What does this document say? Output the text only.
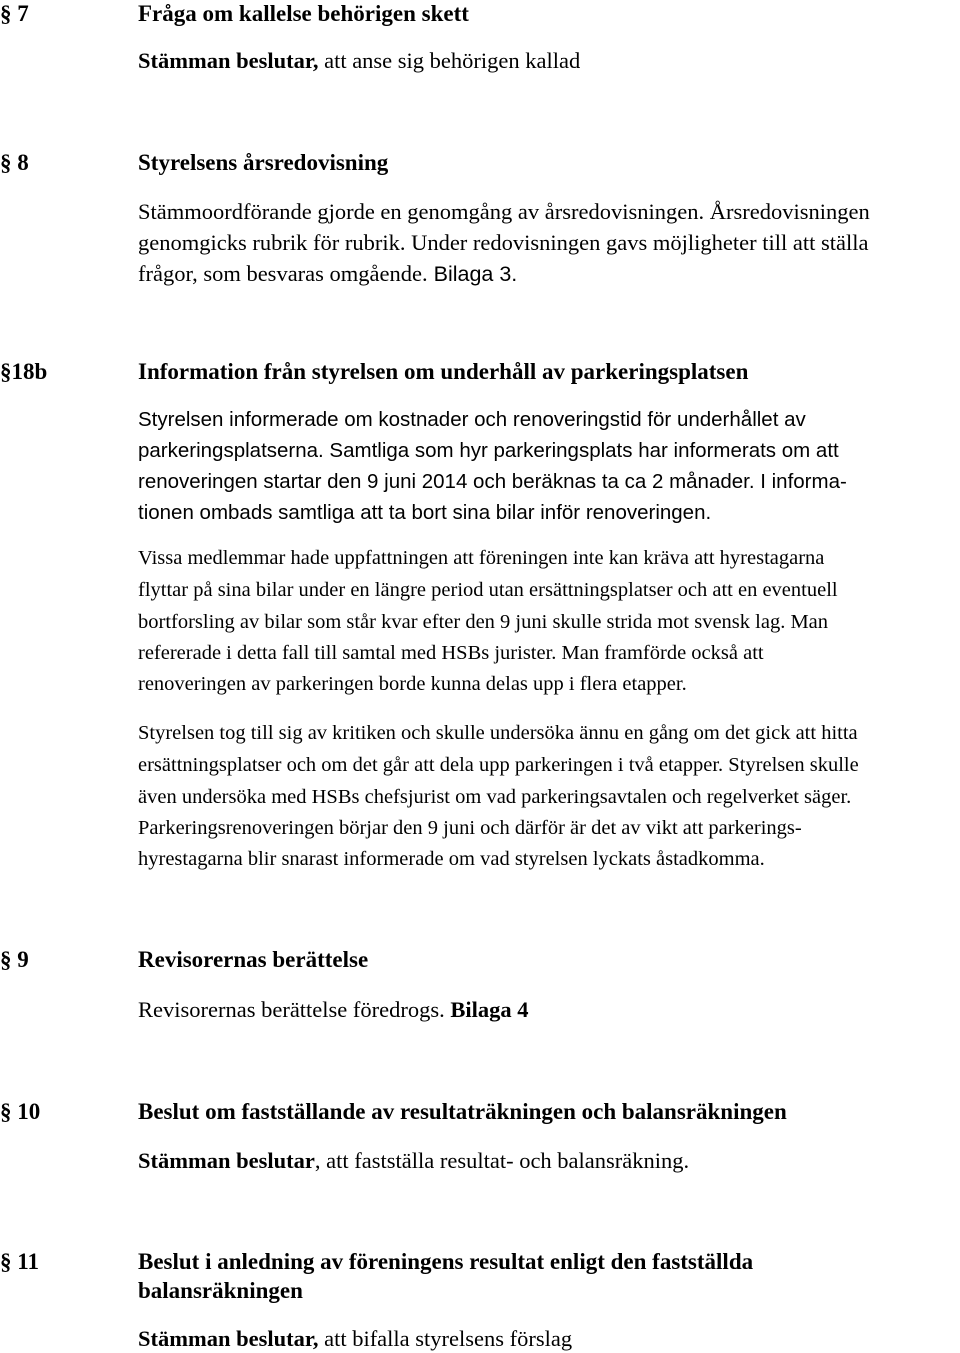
§ 7	Fråga om kallelse behörigen skett
Stämman beslutar, att anse sig behörigen kallad
§ 8	Styrelsens årsredovisning
Stämmoordförande gjorde en genomgång av årsredovisningen. Årsredovisningen
genomgicks rubrik för rubrik. Under redovisningen gavs möjligheter till att ställa
frågor, som besvaras omgående. Bilaga 3.
§18b	Information från styrelsen om underhåll av parkeringsplatsen
Styrelsen informerade om kostnader och renoveringstid för underhållet av
parkeringsplatserna. Samtliga som hyr parkeringsplats har informerats om att
renoveringen startar den 9 juni 2014 och beräknas ta ca 2 månader. I informa-
tionen ombads samtliga att ta bort sina bilar inför renoveringen.
Vissa medlemmar hade uppfattningen att föreningen inte kan kräva att hyrestagarna
flyttar på sina bilar under en längre period utan ersättningsplatser och att en eventuell
bortforsling av bilar som står kvar efter den 9 juni skulle strida mot svensk lag. Man
refererade i detta fall till samtal med HSBs jurister. Man framförde också att
renoveringen av parkeringen borde kunna delas upp i flera etapper.
Styrelsen tog till sig av kritiken och skulle undersöka ännu en gång om det gick att hitta
ersättningsplatser och om det går att dela upp parkeringen i två etapper. Styrelsen skulle
även undersöka med HSBs chefsjurist om vad parkeringsavtalen och regelverket säger.
Parkeringsrenoveringen börjar den 9 juni och därför är det av vikt att parkerings-
hyrestagarna blir snarast informerade om vad styrelsen lyckats åstadkomma.
§ 9	Revisorernas berättelse
Revisorernas berättelse föredrogs. Bilaga 4
§ 10	Beslut om fastställande av resultaträkningen och balansräkningen
Stämman beslutar, att fastställa resultat- och balansräkning.
§ 11	Beslut i anledning av föreningens resultat enligt den fastställda
balansräkningen
Stämman beslutar, att bifalla styrelsens förslag
